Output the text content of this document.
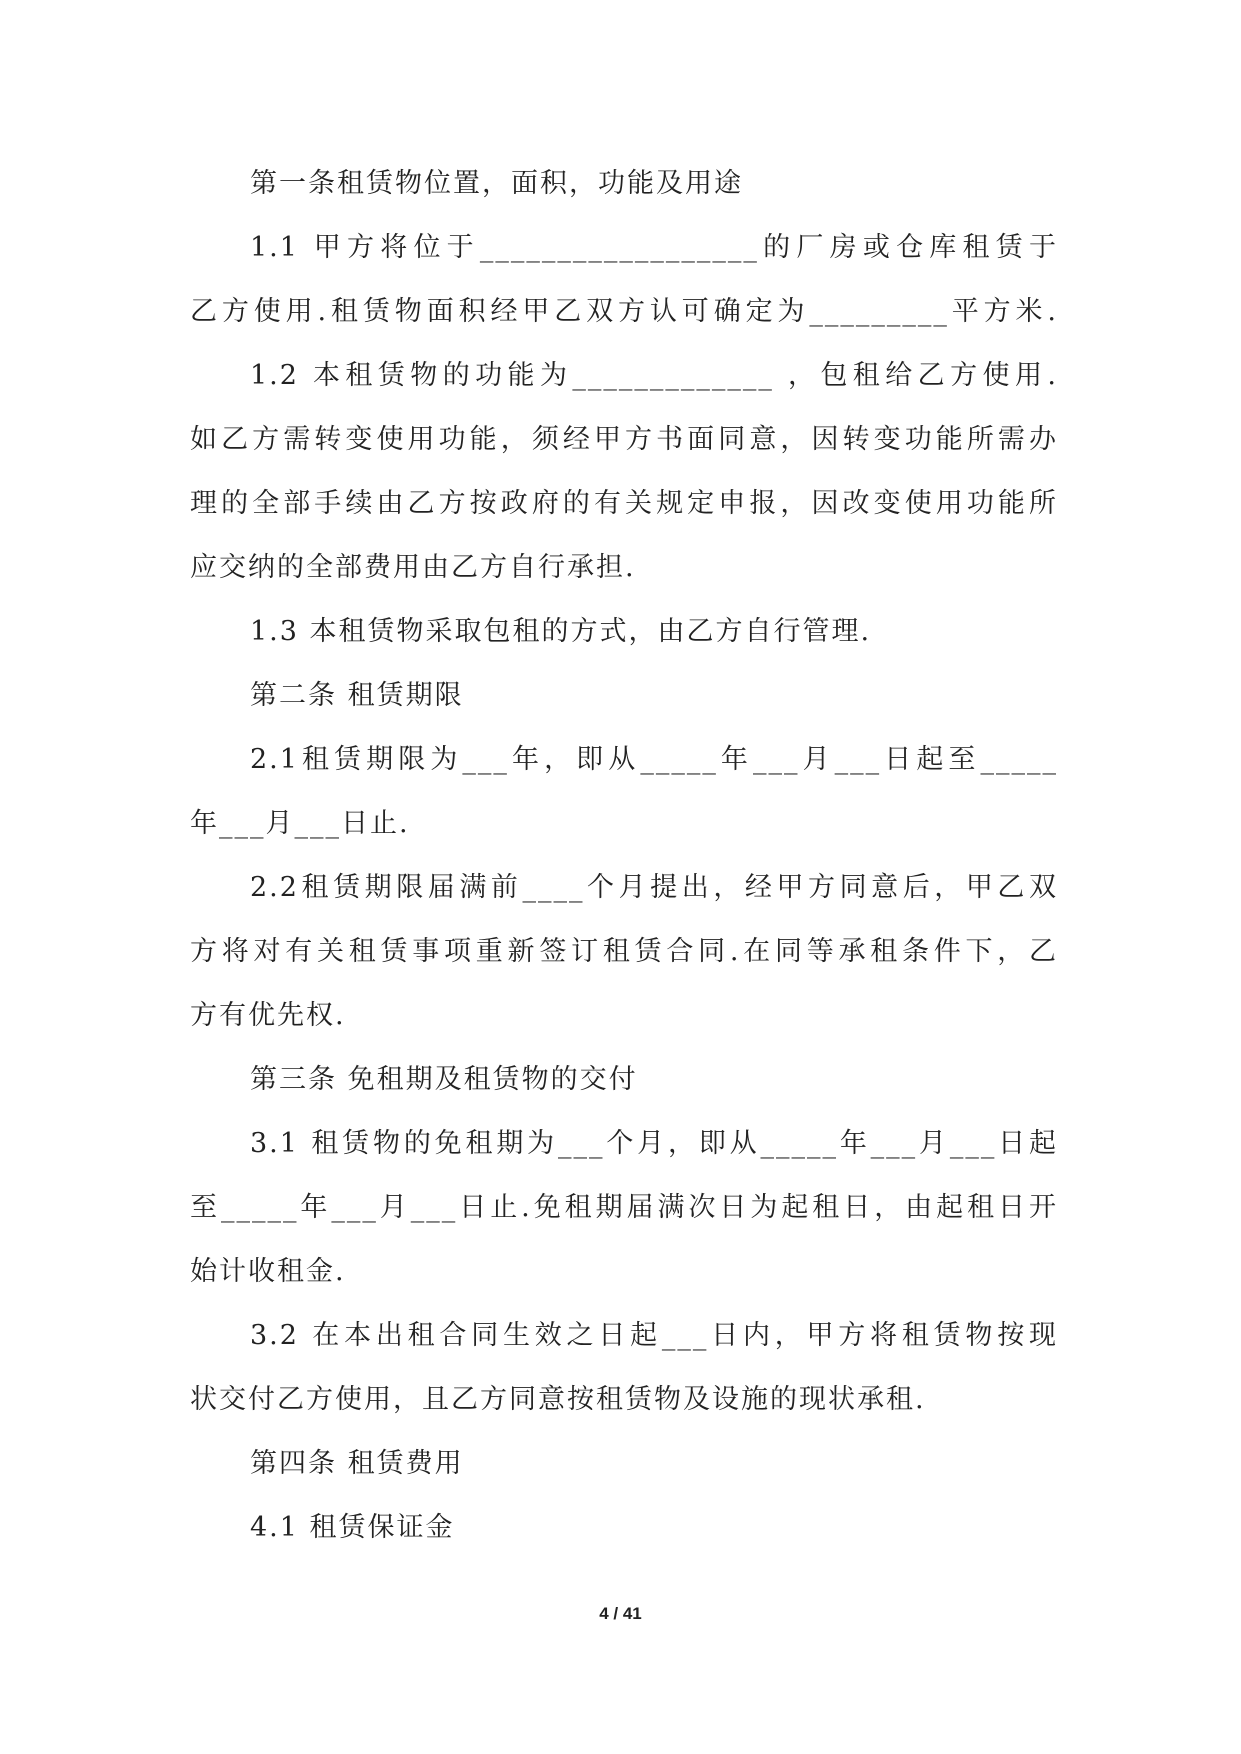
第一条租赁物位置，面积，功能及用途
1.1 甲方将位于__________________的厂房或仓库租赁于
乙方使用.租赁物面积经甲乙双方认可确定为_________平方米.
1.2 本租赁物的功能为_____________ ，包租给乙方使用.
如乙方需转变使用功能，须经甲方书面同意，因转变功能所需办
理的全部手续由乙方按政府的有关规定申报，因改变使用功能所
应交纳的全部费用由乙方自行承担.
1.3 本租赁物采取包租的方式，由乙方自行管理.
第二条 租赁期限
2.1租赁期限为___年，即从_____年___月___日起至_____
年___月___日止.
2.2租赁期限届满前____个月提出，经甲方同意后，甲乙双
方将对有关租赁事项重新签订租赁合同.在同等承租条件下，乙
方有优先权.
第三条 免租期及租赁物的交付
3.1 租赁物的免租期为___个月，即从_____年___月___日起
至_____年___月___日止.免租期届满次日为起租日，由起租日开
始计收租金.
3.2 在本出租合同生效之日起___日内，甲方将租赁物按现
状交付乙方使用，且乙方同意按租赁物及设施的现状承租.
第四条 租赁费用
4.1 租赁保证金
4 / 41
